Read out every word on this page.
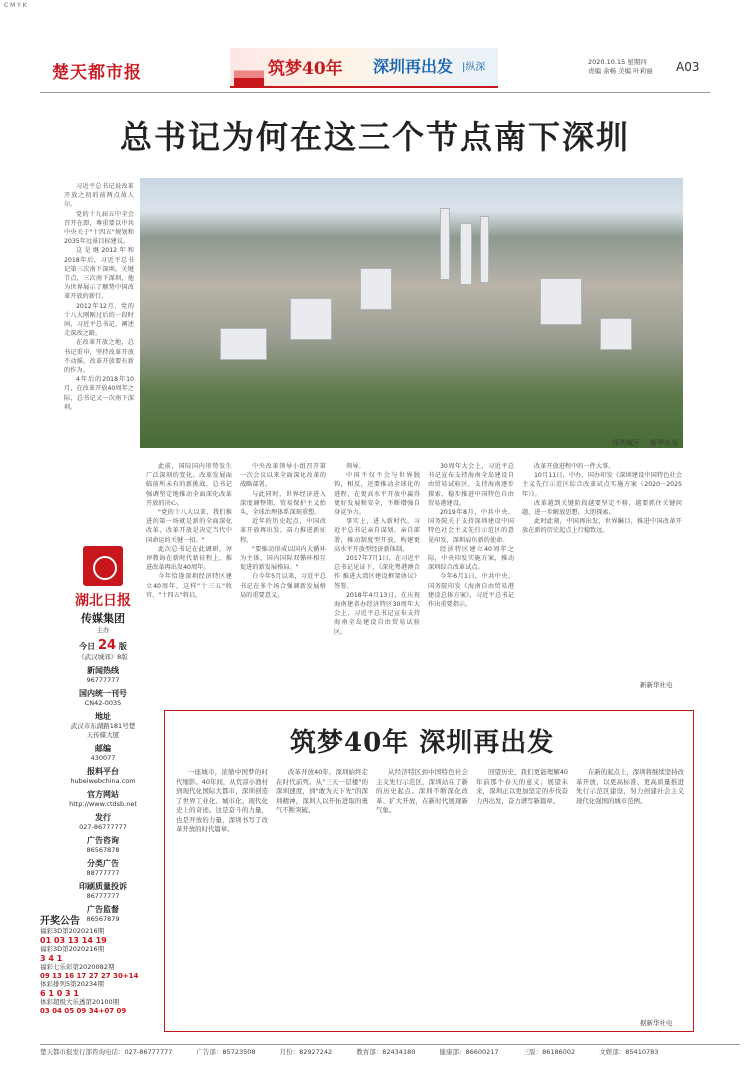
C M Y K
楚天都市报	筑梦40年 深圳再出发 |纵深	2020.10.15 星期四
责编 余畅 美编 叶莉丽	A03
总书记为何在这三个节点南下深圳

习近平总书记说改革开放之初的前两点故人尔。

党的十九届五中全会召开在即，尊重要以中共中央关于"十四五"规划和2035年远景目标建议。

这是继2012年和2018年后，习近平总书记第三次南下深圳。关键节点，三次南下深圳，他为世界展示了顺势中国改革开放的新行。

2012年12月，党的十八大刚刚过后的一段时间，习近平总书记，阐述走深改之路。

在改革开放之地，总书记重申，坚持改革开放不动摇，改革开放要有新的作为。

4年后的2018年10月，在改革开放40周年之际，总书记又一次南下深圳。

深圳城区 新华社发
湖北日报
传媒集团
主办
今日 24 版
《武汉城郊》8版
新闻热线
96777777
国内统一刊号
CN42-0035
地址
武汉市东湖路181号楚天传媒大厦
邮编
430077
报料平台
hubeiwebchina.com
官方网站
http://www.ctdsb.net
发行
027-86777777
广告咨询
86567878
分类广告
88777777
印刷质量投诉
86777777
广告监督
86567879
开奖公告
福彩3D第2020216期
01 03 13 14 19
福彩3D第2020216期
3 4 1
福彩七乐彩第2020082期
09 13 16 17 27 27 30+14
体彩排列5第20234期
6 1 0 3 1
体彩超级大乐透第20100期
03 04 05 09 34+07 09

此前，国际国内形势发生广泛深刻的变化。改革发展面临前所未有的新挑战，总书记强调坚定地推动全面深化改革开放的决心。

"党的十八大以来，我们推进的第一场就是新的全面深化改革，改革开放是决定当代中国命运的关键一招。"

此次总书记在此调研，谆谆教诲在新时代新征程上，推进改革再出发40周年。

今年恰逢深圳经济特区建立40周年，这样"十三五"收官、"十四五"将启。

中央改革领导小组召开第一次会议以来全面深化改革的战略部署。

与此同时，世界经济进入深度调整期，贸易保护主义抬头，全球治理体系深刻重塑。

近年的历史起点，中国改革开放再出发，奋力推进新征程。

"要推动形成以国内大循环为主体，国内国际双循环相互促进的新发展格局。"

白今年5月以来，习近平总书记在多个场合强调新发展格局的重要意义。

领导。

中国不仅不会与世界脱钩，相反，还要推动全球化的进程，在更高水平开放中赢得更好发展和安全，不断增强自身竞争力。

事实上，进入新时代，习近平总书记亲自谋划、亲自部署，推动制度型开放，构建更高水平开放型经济新体制。

2017年7月1日，在习近平总书记见证下，《深化粤港澳合作 推进大湾区建设框架协议》签署。

2018年4月13日，在庆祝海南建省办经济特区30周年大会上，习近平总书记宣布支持海南全岛建设自由贸易试验区。

30周年大会上，习近平总书记宣布支持海南全岛建设自由贸易试验区，支持海南逐步探索、稳步推进中国特色自由贸易港建设。

2019年8月，中共中央、国务院关于支持深圳建设中国特色社会主义先行示范区的意见印发，深圳肩负新的使命。

经济特区建立40周年之际，中央印发实施方案，推动深圳综合改革试点。

今年6月1日，中共中央、国务院印发《海南自由贸易港建设总体方案》，习近平总书记作出重要指示。

改革开放进程中的一件大事。

10月11日，中办、国办印发《深圳建设中国特色社会主义先行示范区综合改革试点实施方案（2020－2025年）》。

改革越到关键阶段越要坚定不移，越要抓住关键问题，进一步解放思想、大胆探索。

此时此刻，中国再出发，世界瞩目，推进中国改革开放在新的历史起点上行稳致远。

新新华社电
筑梦40年 深圳再出发

一座城市，浓缩中国梦的时代缩影。40年间，从荒凉小渔村到现代化国际大都市，深圳创造了世界工业化、城市化、现代化史上的奇迹。这是奋斗的力量，也是开放的力量，深圳书写了改革开放的时代篇章。

改革开放40年，深圳始终走在时代前列。从"三天一层楼"的深圳速度，到"敢为天下先"的深圳精神，深圳人以开拓进取的勇气不断突破。

从经济特区到中国特色社会主义先行示范区，深圳站在了新的历史起点。深圳不断深化改革、扩大开放，在新时代展现新气象。

回望历史，我们更能理解40年前那个春天的意义；展望未来，深圳正以更加坚定的步伐奋力再出发，奋力谱写新篇章。

在新的起点上，深圳将继续坚持改革开放，以更高标准、更高质量推进先行示范区建设，努力创建社会主义现代化强国的城市范例。

据新华社电
楚天都市报发行部咨询电话：027-86777777	广告部：85723508	月份：82927242	教育部：82434180	健康部：86600217	三版：86186002	文娱部：85410783
